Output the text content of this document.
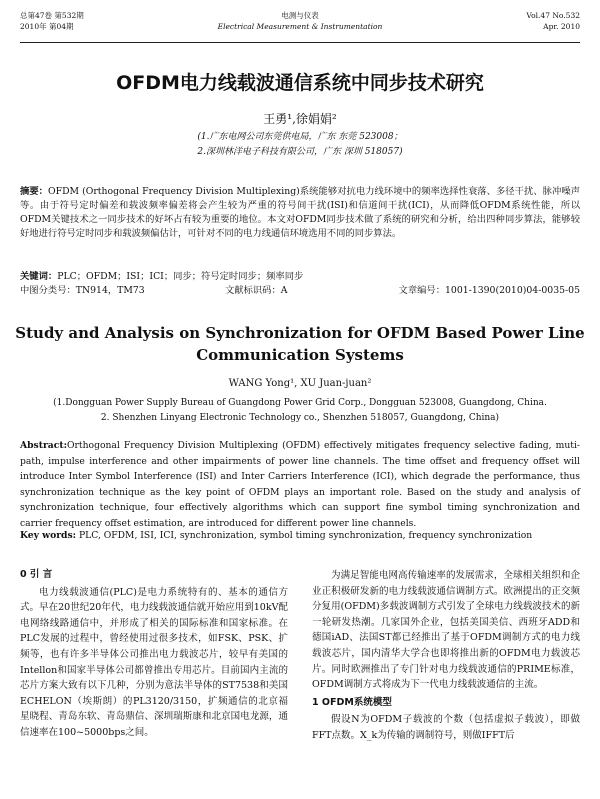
总第47卷 第532期
2010年 第04期
电测与仪表
Electrical Measurement & Instrumentation
Vol.47 No.532
Apr. 2010
OFDM电力线载波通信系统中同步技术研究
王勇¹,徐娟娟²
(1.广东电网公司东莞供电局，广东 东莞 523008；
2.深圳林洋电子科技有限公司，广东 深圳 518057)
摘要：OFDM (Orthogonal Frequency Division Multiplexing)系统能够对抗电力线环境中的频率选择性衰落、多径干扰、脉冲噪声等。由于符号定时偏差和载波频率偏差将会产生较为严重的符号间干扰(ISI)和信道间干扰(ICI)，从而降低OFDM系统性能，所以OFDM关键技术之一同步技术的好坏占有较为重要的地位。本文对OFDM同步技术做了系统的研究和分析，给出四种同步算法，能够较好地进行符号定时同步和载波频偏估计，可针对不同的电力线通信环境选用不同的同步算法。
关键词：PLC；OFDM；ISI；ICI；同步；符号定时同步；频率同步
中图分类号：TN914，TM73	文献标识码：A	文章编号：1001-1390(2010)04-0035-05
Study and Analysis on Synchronization for OFDM Based Power Line
Communication Systems
WANG Yong¹, XU Juan-juan²
(1.Dongguan Power Supply Bureau of Guangdong Power Grid Corp., Dongguan 523008, Guangdong, China.
2. Shenzhen Linyang Electronic Technology co., Shenzhen 518057, Guangdong, China)
Abstract:Orthogonal Frequency Division Multiplexing (OFDM) effectively mitigates frequency selective fading, muti-path, impulse interference and other impairments of power line channels. The time offset and frequency offset will introduce Inter Symbol Interference (ISI) and Inter Carriers Interference (ICI), which degrade the performance, thus synchronization technique as the key point of OFDM plays an important role. Based on the study and analysis of synchronization technique, four effectively algorithms which can support fine symbol timing synchronization and carrier frequency offset estimation, are introduced for different power line channels.
Key words: PLC, OFDM, ISI, ICI, synchronization, symbol timing synchronization, frequency synchronization
0 引 言

电力线载波通信(PLC)是电力系统特有的、基本的通信方式。早在20世纪20年代，电力线载波通信就开始应用到10kV配电网络线路通信中，并形成了相关的国际标准和国家标准。在PLC发展的过程中，曾经使用过很多技术，如FSK、PSK、扩频等，也有许多半导体公司推出电力载波芯片，较早有美国的Intellon和国家半导体公司都曾推出专用芯片。目前国内主流的芯片方案大致有以下几种，分别为意法半导体的ST7538和美国ECHELON（埃斯朗）的PL3120/3150，扩频通信的北京福星晓程、青岛东软、青岛鼎信、深圳瑞斯康和北京国电龙源，通信速率在100~5000bps之间。

为满足智能电网高传输速率的发展需求，全球相关组织和企业正积极研发新的电力线载波通信调制方式。欧洲提出的正交频分复用(OFDM)多载波调制方式引发了全球电力线载波技术的新一轮研发热潮。几家国外企业，包括美国美信、西班牙ADD和德国iAD、法国ST都已经推出了基于OFDM调制方式的电力线载波芯片，国内清华大学合也即将推出新的OFDM电力载波芯片。同时欧洲推出了专门针对电力线载波通信的PRIME标准，OFDM调制方式将成为下一代电力线载波通信的主流。

1 OFDM系统模型

假设N为OFDM子载波的个数（包括虚拟子载波），即做FFT点数。X_k为传输的调制符号，则做IFFT后
